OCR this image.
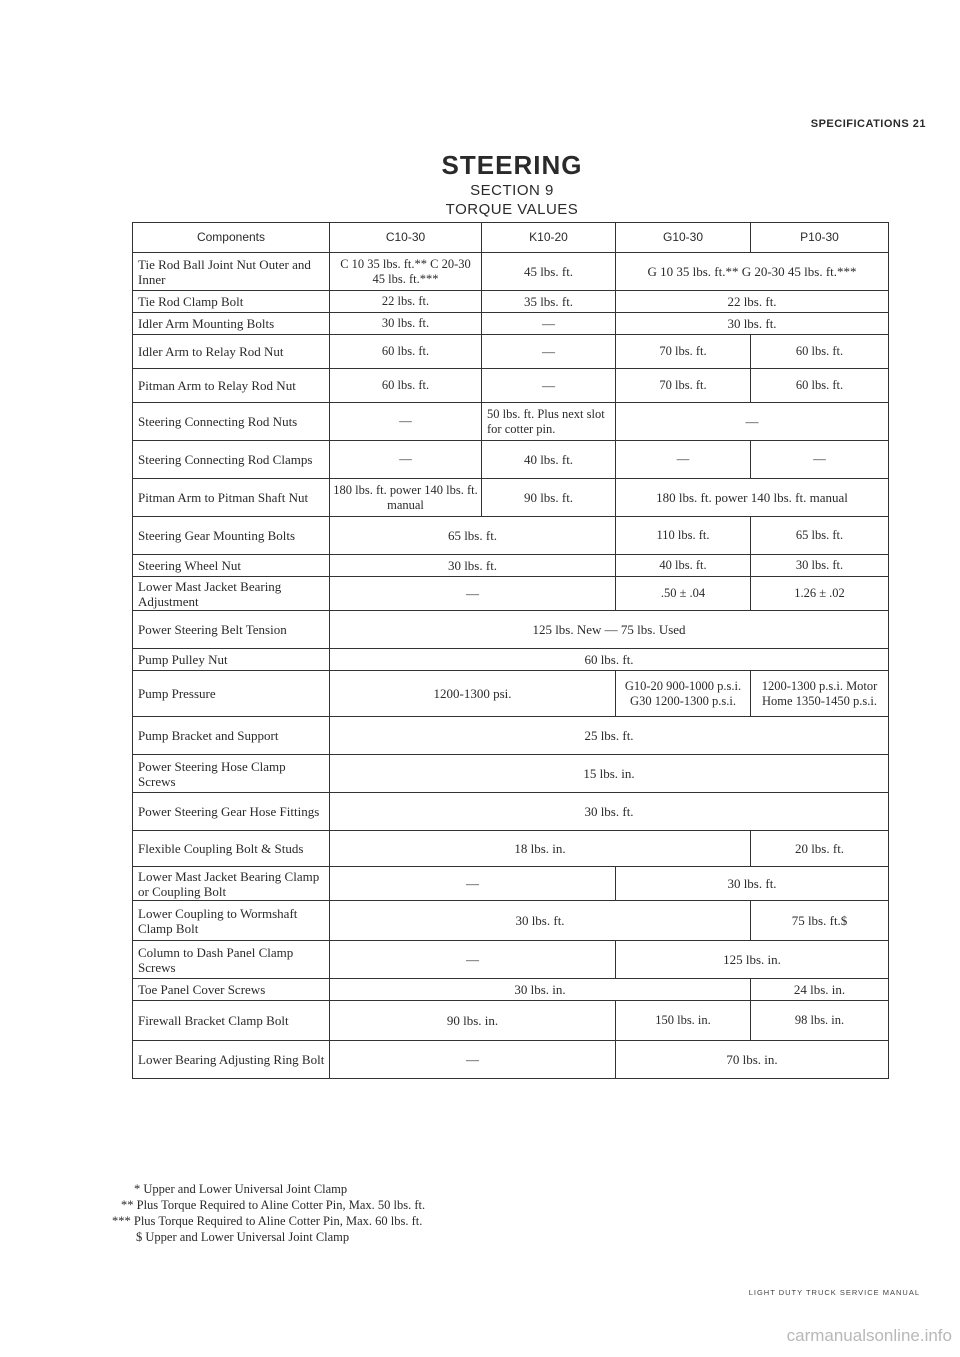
SPECIFICATIONS 21
STEERING
SECTION 9
TORQUE VALUES
Components	C10-30	K10-20	G10-30	P10-30
Tie Rod Ball Joint Nut Outer and Inner	C 10 35 lbs. ft.** C 20-30 45 lbs. ft.***	45 lbs. ft.	G 10 35 lbs. ft.** G 20-30 45 lbs. ft.***	
Tie Rod Clamp Bolt	22 lbs. ft.	35 lbs. ft.	22 lbs. ft.	
Idler Arm Mounting Bolts	30 lbs. ft.	—	30 lbs. ft.	
Idler Arm to Relay Rod Nut	60 lbs. ft.	—	70 lbs. ft.	60 lbs. ft.
Pitman Arm to Relay Rod Nut	60 lbs. ft.	—	70 lbs. ft.	60 lbs. ft.
Steering Connecting Rod Nuts	—	50 lbs. ft. Plus next slot for cotter pin.	—	
Steering Connecting Rod Clamps	—	40 lbs. ft.	—	—
Pitman Arm to Pitman Shaft Nut	180 lbs. ft. power 140 lbs. ft. manual	90 lbs. ft.	180 lbs. ft. power 140 lbs. ft. manual	
Steering Gear Mounting Bolts	65 lbs. ft.		110 lbs. ft.	65 lbs. ft.
Steering Wheel Nut	30 lbs. ft.		40 lbs. ft.	30 lbs. ft.
Lower Mast Jacket Bearing Adjustment	—		.50 ± .04	1.26 ± .02
Power Steering Belt Tension	125 lbs. New — 75 lbs. Used			
Pump Pulley Nut	60 lbs. ft.			
Pump Pressure	1200-1300 psi.		G10-20 900-1000 p.s.i. G30 1200-1300 p.s.i.	1200-1300 p.s.i. Motor Home 1350-1450 p.s.i.
Pump Bracket and Support	25 lbs. ft.			
Power Steering Hose Clamp Screws	15 lbs. in.			
Power Steering Gear Hose Fittings	30 lbs. ft.			
Flexible Coupling Bolt & Studs	18 lbs. in.			20 lbs. ft.
Lower Mast Jacket Bearing Clamp or Coupling Bolt	—		30 lbs. ft.	
Lower Coupling to Wormshaft Clamp Bolt	30 lbs. ft.			75 lbs. ft.$
Column to Dash Panel Clamp Screws	—		125 lbs. in.	
Toe Panel Cover Screws	30 lbs. in.			24 lbs. in.
Firewall Bracket Clamp Bolt	90 lbs. in.		150 lbs. in.	98 lbs. in.
Lower Bearing Adjusting Ring Bolt	—		70 lbs. in.	
* Upper and Lower Universal Joint Clamp
** Plus Torque Required to Aline Cotter Pin, Max. 50 lbs. ft.
*** Plus Torque Required to Aline Cotter Pin, Max. 60 lbs. ft.
$ Upper and Lower Universal Joint Clamp
LIGHT DUTY TRUCK SERVICE MANUAL
carmanualsonline.info
